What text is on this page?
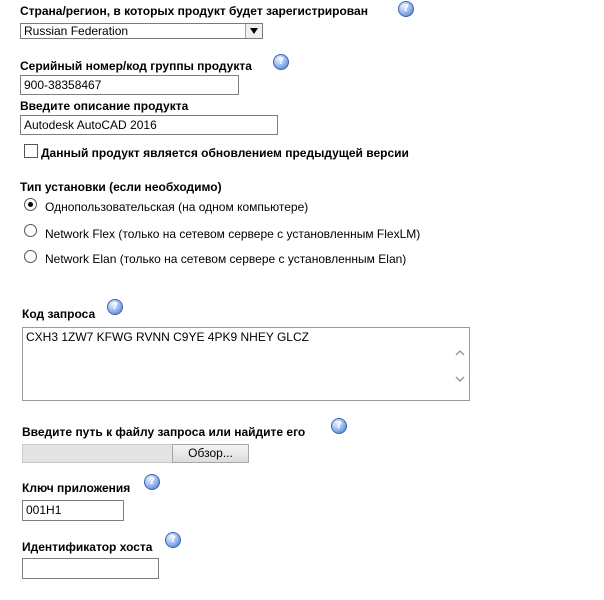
Страна/регион, в которых продукт будет зарегистрирован	?
Russian Federation
Серийный номер/код группы продукта	?
900-38358467
Введите описание продукта
Autodesk AutoCAD 2016
Данный продукт является обновлением предыдущей версии
Тип установки (если необходимо)
Однопользовательская (на одном компьютере)
Network Flex (только на сетевом сервере с установленным FlexLM)
Network Elan (только на сетевом сервере с установленным Elan)
Код запроса
?
CXH3 1ZW7 KFWG RVNN C9YE 4PK9 NHEY GLCZ
Введите путь к файлу запроса или найдите его	?
Обзор...
Ключ приложения	?
001H1
Идентификатор хоста
?
